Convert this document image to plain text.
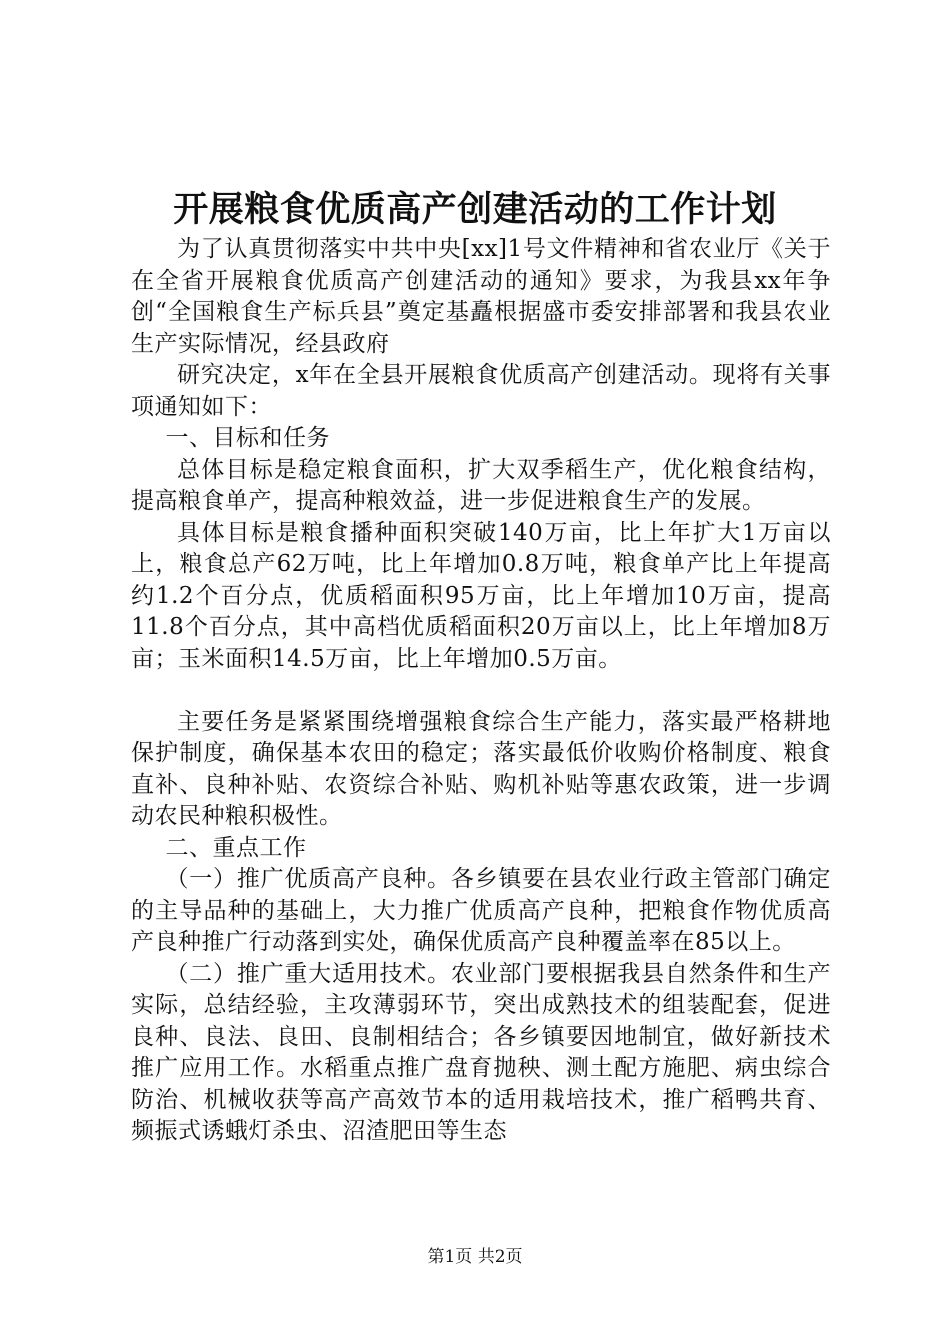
开展粮食优质高产创建活动的工作计划

为了认真贯彻落实中共中央[xx]1号文件精神和省农业厅《关于在全省开展粮食优质高产创建活动的通知》要求，为我县xx年争创“全国粮食生产标兵县”奠定基矗根据盛市委安排部署和我县农业生产实际情况，经县政府

研究决定，x年在全县开展粮食优质高产创建活动。现将有关事项通知如下：

一、目标和任务

总体目标是稳定粮食面积，扩大双季稻生产，优化粮食结构，提高粮食单产，提高种粮效益，进一步促进粮食生产的发展。

具体目标是粮食播种面积突破140万亩，比上年扩大1万亩以上，粮食总产62万吨，比上年增加0.8万吨，粮食单产比上年提高约1.2个百分点，优质稻面积95万亩，比上年增加10万亩，提高11.8个百分点，其中高档优质稻面积20万亩以上，比上年增加8万亩；玉米面积14.5万亩，比上年增加0.5万亩。

主要任务是紧紧围绕增强粮食综合生产能力，落实最严格耕地保护制度，确保基本农田的稳定；落实最低价收购价格制度、粮食直补、良种补贴、农资综合补贴、购机补贴等惠农政策，进一步调动农民种粮积极性。

二、重点工作

（一）推广优质高产良种。各乡镇要在县农业行政主管部门确定的主导品种的基础上，大力推广优质高产良种，把粮食作物优质高产良种推广行动落到实处，确保优质高产良种覆盖率在85以上。

（二）推广重大适用技术。农业部门要根据我县自然条件和生产实际，总结经验，主攻薄弱环节，突出成熟技术的组装配套，促进良种、良法、良田、良制相结合；各乡镇要因地制宜，做好新技术推广应用工作。水稻重点推广盘育抛秧、测土配方施肥、病虫综合防治、机械收获等高产高效节本的适用栽培技术，推广稻鸭共育、频振式诱蛾灯杀虫、沼渣肥田等生态

第1页 共2页
